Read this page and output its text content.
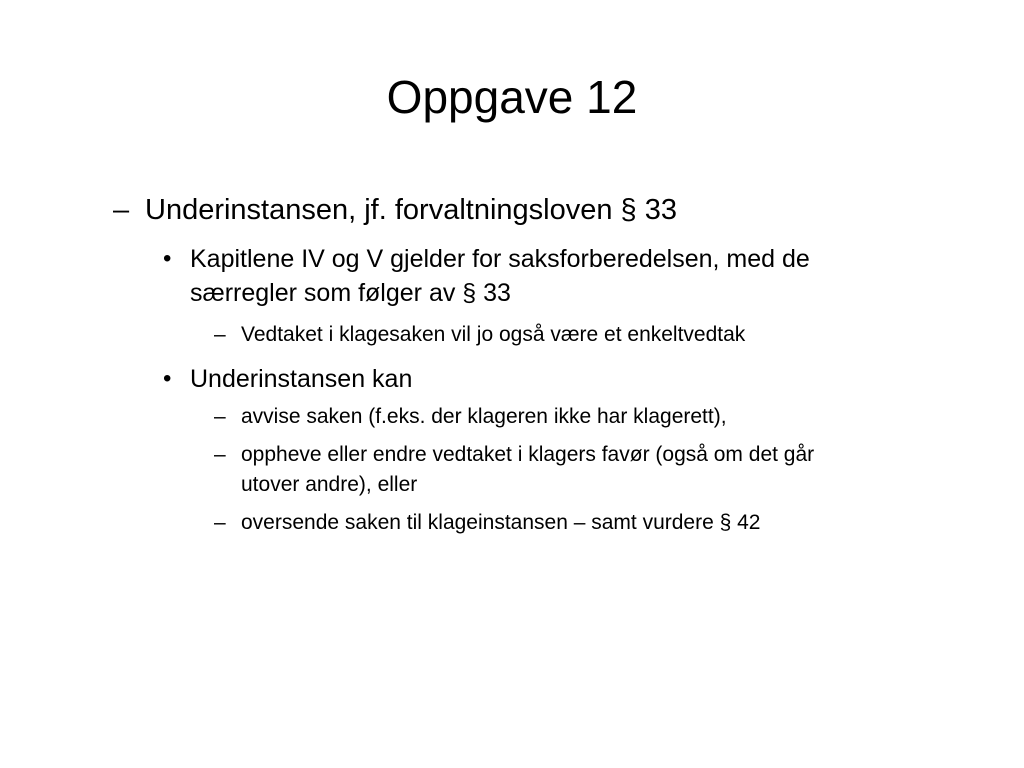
Oppgave 12
– Underinstansen, jf. forvaltningsloven § 33
• Kapitlene IV og V gjelder for saksforberedelsen, med de
særregler som følger av § 33
– Vedtaket i klagesaken vil jo også være et enkeltvedtak
• Underinstansen kan
– avvise saken (f.eks. der klageren ikke har klagerett),
– oppheve eller endre vedtaket i klagers favør (også om det går
utover andre), eller
– oversende saken til klageinstansen – samt vurdere § 42
